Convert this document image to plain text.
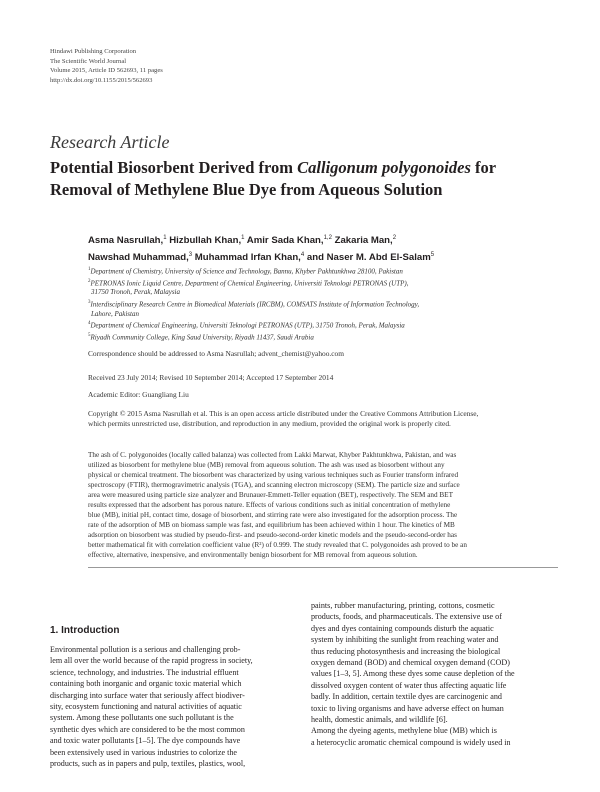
Hindawi Publishing Corporation
The Scientific World Journal
Volume 2015, Article ID 562693, 11 pages
http://dx.doi.org/10.1155/2015/562693
Research Article
Potential Biosorbent Derived from Calligonum polygonoides for
Removal of Methylene Blue Dye from Aqueous Solution
Asma Nasrullah,$^1$ Hizbullah Khan,$^1$ Amir Sada Khan,$^{1,2}$ Zakaria Man,$^2$
Nawshad Muhammad,$^3$ Muhammad Irfan Khan,$^4$ and Naser M. Abd El-Salam$^5$
$^1$Department of Chemistry, University of Science and Technology, Bannu, Khyber Pakhtunkhwa 28100, Pakistan
$^2$PETRONAS Ionic Liquid Centre, Department of Chemical Engineering, Universiti Teknologi PETRONAS (UTP),
31750 Tronoh, Perak, Malaysia
$^3$Interdisciplinary Research Centre in Biomedical Materials (IRCBM), COMSATS Institute of Information Technology,
Lahore, Pakistan
$^4$Department of Chemical Engineering, Universiti Teknologi PETRONAS (UTP), 31750 Tronoh, Perak, Malaysia
$^5$Riyadh Community College, King Saud University, Riyadh 11437, Saudi Arabia
Correspondence should be addressed to Asma Nasrullah; advent_chemist@yahoo.com
Received 23 July 2014; Revised 10 September 2014; Accepted 17 September 2014
Academic Editor: Guangliang Liu
Copyright © 2015 Asma Nasrullah et al. This is an open access article distributed under the Creative Commons Attribution License,
which permits unrestricted use, distribution, and reproduction in any medium, provided the original work is properly cited.
The ash of C. polygonoides (locally called balanza) was collected from Lakki Marwat, Khyber Pakhtunkhwa, Pakistan, and was
utilized as biosorbent for methylene blue (MB) removal from aqueous solution. The ash was used as biosorbent without any
physical or chemical treatment. The biosorbent was characterized by using various techniques such as Fourier transform infrared
spectroscopy (FTIR), thermogravimetric analysis (TGA), and scanning electron microscopy (SEM). The particle size and surface
area were measured using particle size analyzer and Brunauer-Emmett-Teller equation (BET), respectively. The SEM and BET
results expressed that the adsorbent has porous nature. Effects of various conditions such as initial concentration of methylene
blue (MB), initial pH, contact time, dosage of biosorbent, and stirring rate were also investigated for the adsorption process. The
rate of the adsorption of MB on biomass sample was fast, and equilibrium has been achieved within 1 hour. The kinetics of MB
adsorption on biosorbent was studied by pseudo-first- and pseudo-second-order kinetic models and the pseudo-second-order has
better mathematical fit with correlation coefficient value (R²) of 0.999. The study revealed that C. polygonoides ash proved to be an
effective, alternative, inexpensive, and environmentally benign biosorbent for MB removal from aqueous solution.
1. Introduction
Environmental pollution is a serious and challenging prob-
lem all over the world because of the rapid progress in society,
science, technology, and industries. The industrial effluent
containing both inorganic and organic toxic material which
discharging into surface water that seriously affect biodiver-
sity, ecosystem functioning and natural activities of aquatic
system. Among these pollutants one such pollutant is the
synthetic dyes which are considered to be the most common
and toxic water pollutants [1–5]. The dye compounds have
been extensively used in various industries to colorize the
products, such as in papers and pulp, textiles, plastics, wool,
paints, rubber manufacturing, printing, cottons, cosmetic
products, foods, and pharmaceuticals. The extensive use of
dyes and dyes containing compounds disturb the aquatic
system by inhibiting the sunlight from reaching water and
thus reducing photosynthesis and increasing the biological
oxygen demand (BOD) and chemical oxygen demand (COD)
values [1–3, 5]. Among these dyes some cause depletion of the
dissolved oxygen content of water thus affecting aquatic life
badly. In addition, certain textile dyes are carcinogenic and
toxic to living organisms and have adverse effect on human
health, domestic animals, and wildlife [6].
Among the dyeing agents, methylene blue (MB) which is
a heterocyclic aromatic chemical compound is widely used in
